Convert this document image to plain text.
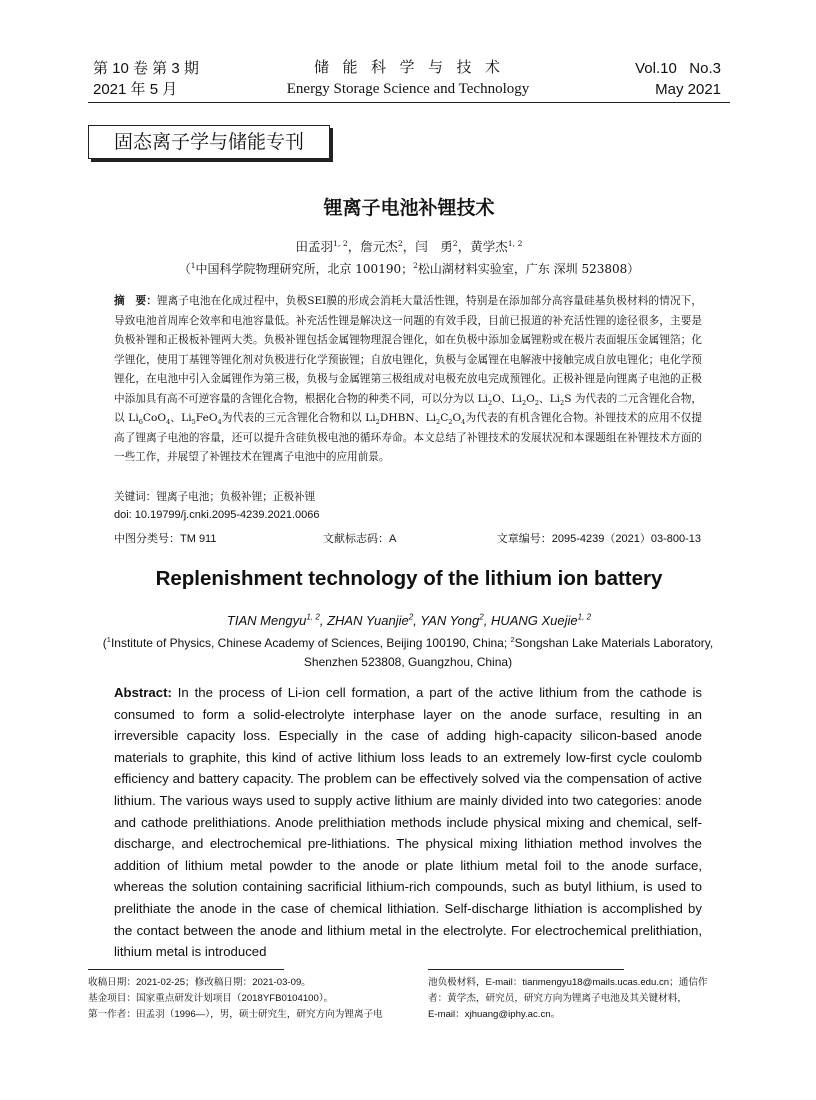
第 10 卷 第 3 期
2021 年 5 月
储  能  科  学  与  技  术
Energy Storage Science and Technology
Vol.10   No.3
May 2021
固态离子学与储能专刊
锂离子电池补锂技术
田孟羽$^{1, 2}$，詹元杰$^2$，闫　勇$^2$，黄学杰$^{1, 2}$
（$^1$中国科学院物理研究所，北京 100190；$^2$松山湖材料实验室，广东 深圳 523808）
摘　要：锂离子电池在化成过程中，负极SEI膜的形成会消耗大量活性锂，特别是在添加部分高容量硅基负极材料的情况下，导致电池首周库仑效率和电池容量低。补充活性锂是解决这一问题的有效手段，目前已报道的补充活性锂的途径很多，主要是负极补锂和正极板补锂两大类。负极补锂包括金属锂物理混合锂化，如在负极中添加金属锂粉或在极片表面辊压金属锂箔；化学锂化，使用丁基锂等锂化剂对负极进行化学预嵌锂；自放电锂化，负极与金属锂在电解液中接触完成自放电锂化；电化学预锂化，在电池中引入金属锂作为第三极，负极与金属锂第三极组成对电极充放电完成预锂化。正极补锂是向锂离子电池的正极中添加具有高不可逆容量的含锂化合物，根据化合物的种类不同，可以分为以 $Li_2O$、$Li_2O_2$、$Li_2S$ 为代表的二元含锂化合物，以 $Li_6CoO_4$、$Li_5FeO_4$为代表的三元含锂化合物和以 $Li_2DHBN$、$Li_2C_2O_4$为代表的有机含锂化合物。补锂技术的应用不仅提高了锂离子电池的容量，还可以提升含硅负极电池的循环寿命。本文总结了补锂技术的发展状况和本课题组在补锂技术方面的一些工作，并展望了补锂技术在锂离子电池中的应用前景。
关键词：锂离子电池；负极补锂；正极补锂
doi: 10.19799/j.cnki.2095-4239.2021.0066
中图分类号：TM 911	文献标志码：A	文章编号：2095-4239（2021）03-800-13
Replenishment technology of the lithium ion battery
TIAN Mengyu$^{1, 2}$, ZHAN Yuanjie$^2$, YAN Yong$^2$, HUANG Xuejie$^{1, 2}$
($^1$Institute of Physics, Chinese Academy of Sciences, Beijing 100190, China; $^2$Songshan Lake Materials Laboratory, Shenzhen 523808, Guangzhou, China)
Abstract: In the process of Li-ion cell formation, a part of the active lithium from the cathode is consumed to form a solid-electrolyte interphase layer on the anode surface, resulting in an irreversible capacity loss. Especially in the case of adding high-capacity silicon-based anode materials to graphite, this kind of active lithium loss leads to an extremely low-first cycle coulomb efficiency and battery capacity. The problem can be effectively solved via the compensation of active lithium. The various ways used to supply active lithium are mainly divided into two categories: anode and cathode prelithiations. Anode prelithiation methods include physical mixing and chemical, self-discharge, and electrochemical pre-lithiations. The physical mixing lithiation method involves the addition of lithium metal powder to the anode or plate lithium metal foil to the anode surface, whereas the solution containing sacrificial lithium-rich compounds, such as butyl lithium, is used to prelithiate the anode in the case of chemical lithiation. Self-discharge lithiation is accomplished by the contact between the anode and lithium metal in the electrolyte. For electrochemical prelithiation, lithium metal is introduced
收稿日期：2021-02-25；修改稿日期：2021-03-09。
基金项目：国家重点研发计划项目（2018YFB0104100）。
第一作者：田孟羽（1996—），男，硕士研究生，研究方向为锂离子电
池负极材料，E-mail：tianmengyu18@mails.ucas.edu.cn；通信作
者：黄学杰，研究员，研究方向为锂离子电池及其关键材料，
E-mail：xjhuang@iphy.ac.cn。
